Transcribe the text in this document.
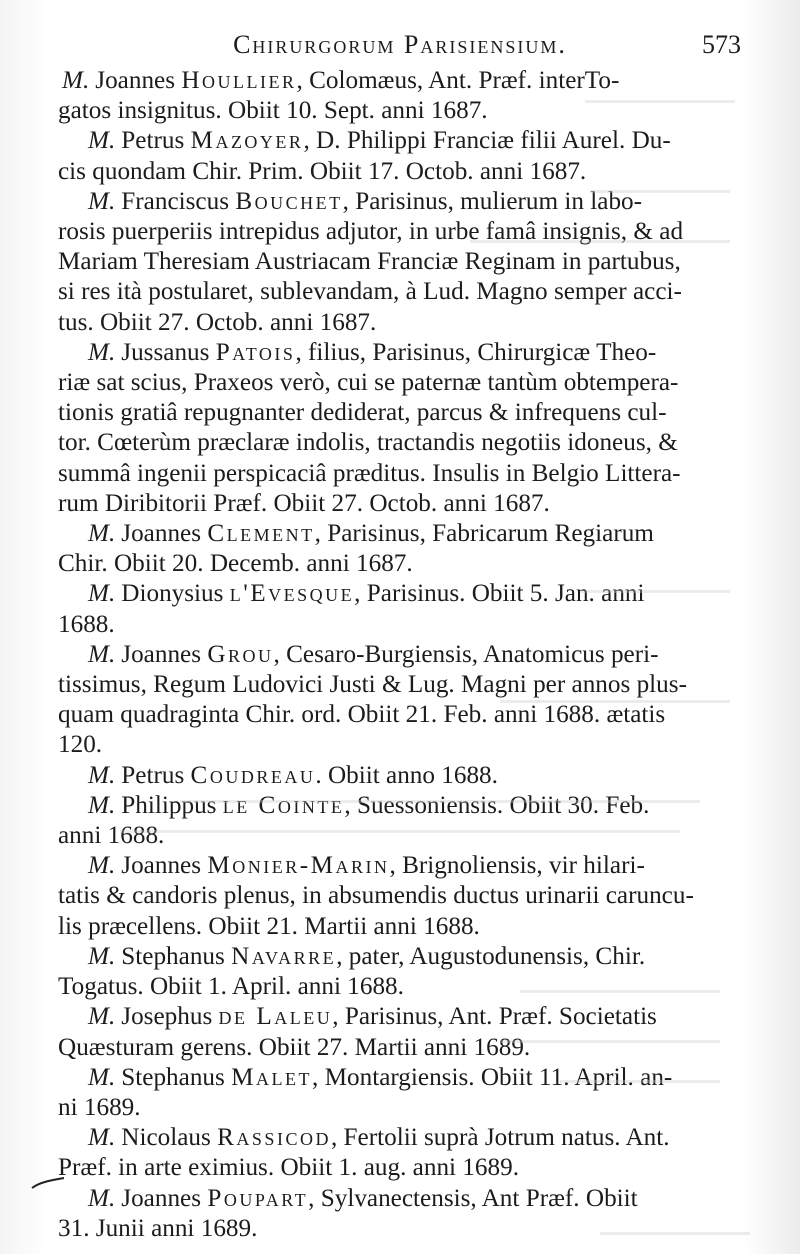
Chirurgorum Parisiensium.	573
M. Joannes Houllier, Colomæus, Ant. Præf. interTo-
gatos insignitus. Obiit 10. Sept. anni 1687.
M. Petrus Mazoyer, D. Philippi Franciæ filii Aurel. Du-
cis quondam Chir. Prim. Obiit 17. Octob. anni 1687.
M. Franciscus Bouchet, Parisinus, mulierum in labo-
rosis puerperiis intrepidus adjutor, in urbe famâ insignis, & ad
Mariam Theresiam Austriacam Franciæ Reginam in partubus,
si res ità postularet, sublevandam, à Lud. Magno semper acci-
tus. Obiit 27. Octob. anni 1687.
M. Jussanus Patois, filius, Parisinus, Chirurgicæ Theo-
riæ sat scius, Praxeos verò, cui se paternæ tantùm obtempera-
tionis gratiâ repugnanter dediderat, parcus & infrequens cul-
tor. Cœterùm præclaræ indolis, tractandis negotiis idoneus, &
summâ ingenii perspicaciâ præditus. Insulis in Belgio Littera-
rum Diribitorii Præf. Obiit 27. Octob. anni 1687.
M. Joannes Clement, Parisinus, Fabricarum Regiarum
Chir. Obiit 20. Decemb. anni 1687.
M. Dionysius l'Evesque, Parisinus. Obiit 5. Jan. anni
1688.
M. Joannes Grou, Cesaro-Burgiensis, Anatomicus peri-
tissimus, Regum Ludovici Justi & Lug. Magni per annos plus-
quam quadraginta Chir. ord. Obiit 21. Feb. anni 1688. ætatis
120.
M. Petrus Coudreau. Obiit anno 1688.
M. Philippus le Cointe, Suessoniensis. Obiit 30. Feb.
anni 1688.
M. Joannes Monier-Marin, Brignoliensis, vir hilari-
tatis & candoris plenus, in absumendis ductus urinarii caruncu-
lis præcellens. Obiit 21. Martii anni 1688.
M. Stephanus Navarre, pater, Augustodunensis, Chir.
Togatus. Obiit 1. April. anni 1688.
M. Josephus de Laleu, Parisinus, Ant. Præf. Societatis
Quæsturam gerens. Obiit 27. Martii anni 1689.
M. Stephanus Malet, Montargiensis. Obiit 11. April. an-
ni 1689.
M. Nicolaus Rassicod, Fertolii suprà Jotrum natus. Ant.
Præf. in arte eximius. Obiit 1. aug. anni 1689.
M. Joannes Poupart, Sylvanectensis, Ant Præf. Obiit
31. Junii anni 1689.
